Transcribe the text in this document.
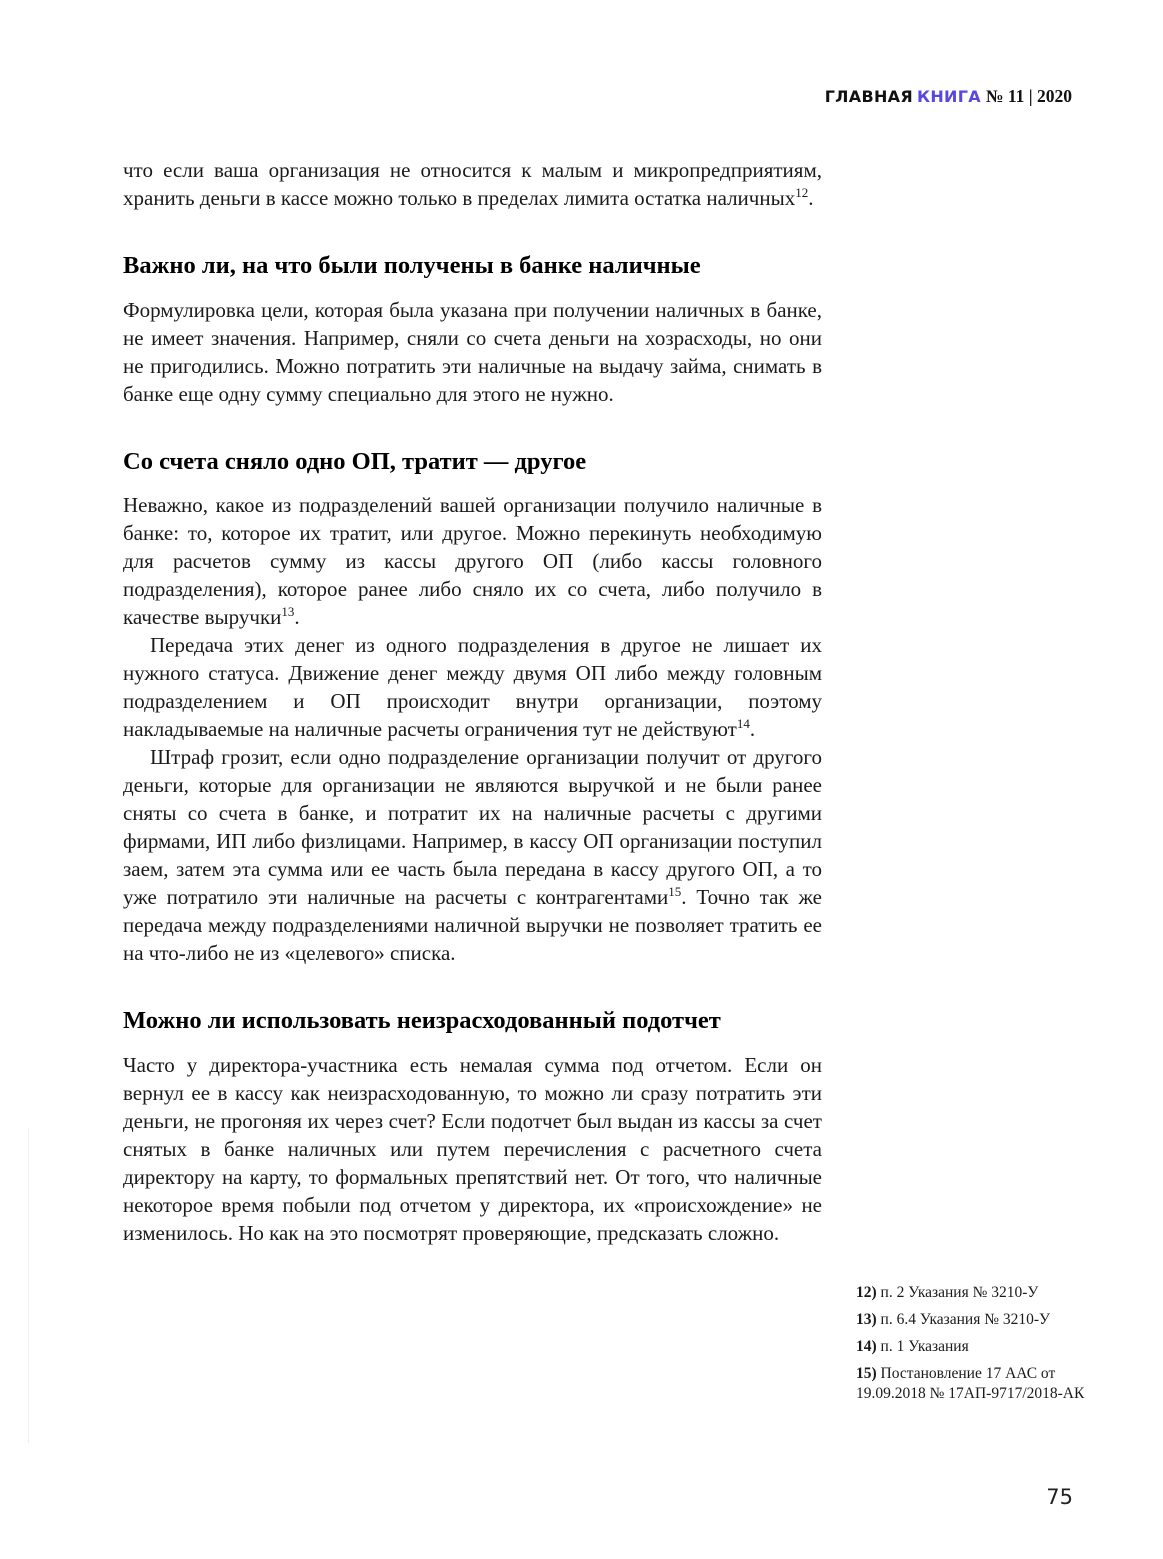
ГЛАВНАЯ КНИГА № 11 | 2020

что если ваша организация не относится к малым и микропредприятиям, хранить деньги в кассе можно только в пределах лимита остатка наличных$^{12}$.

Важно ли, на что были получены в банке наличные

Формулировка цели, которая была указана при получении наличных в банке, не имеет значения. Например, сняли со счета деньги на хозрасходы, но они не пригодились. Можно потратить эти наличные на выдачу займа, снимать в банке еще одну сумму специально для этого не нужно.

Со счета сняло одно ОП, тратит — другое

Неважно, какое из подразделений вашей организации получило наличные в банке: то, которое их тратит, или другое. Можно перекинуть необходимую для расчетов сумму из кассы другого ОП (либо кассы головного подразделения), которое ранее либо сняло их со счета, либо получило в качестве выручки$^{13}$.

Передача этих денег из одного подразделения в другое не лишает их нужного статуса. Движение денег между двумя ОП либо между головным подразделением и ОП происходит внутри организации, поэтому накладываемые на наличные расчеты ограничения тут не действуют$^{14}$.

Штраф грозит, если одно подразделение организации получит от другого деньги, которые для организации не являются выручкой и не были ранее сняты со счета в банке, и потратит их на наличные расчеты с другими фирмами, ИП либо физлицами. Например, в кассу ОП организации поступил заем, затем эта сумма или ее часть была передана в кассу другого ОП, а то уже потратило эти наличные на расчеты с контрагентами$^{15}$. Точно так же передача между подразделениями наличной выручки не позволяет тратить ее на что-либо не из «целевого» списка.

Можно ли использовать неизрасходованный подотчет

Часто у директора-участника есть немалая сумма под отчетом. Если он вернул ее в кассу как неизрасходованную, то можно ли сразу потратить эти деньги, не прогоняя их через счет? Если подотчет был выдан из кассы за счет снятых в банке наличных или путем перечисления с расчетного счета директору на карту, то формальных препятствий нет. От того, что наличные некоторое время побыли под отчетом у директора, их «происхождение» не изменилось. Но как на это посмотрят проверяющие, предсказать сложно.

12) п. 2 Указания № 3210-У
13) п. 6.4 Указания № 3210-У
14) п. 1 Указания
15) Постановление 17 ААС от 19.09.2018 № 17АП-9717/2018-АК
75
